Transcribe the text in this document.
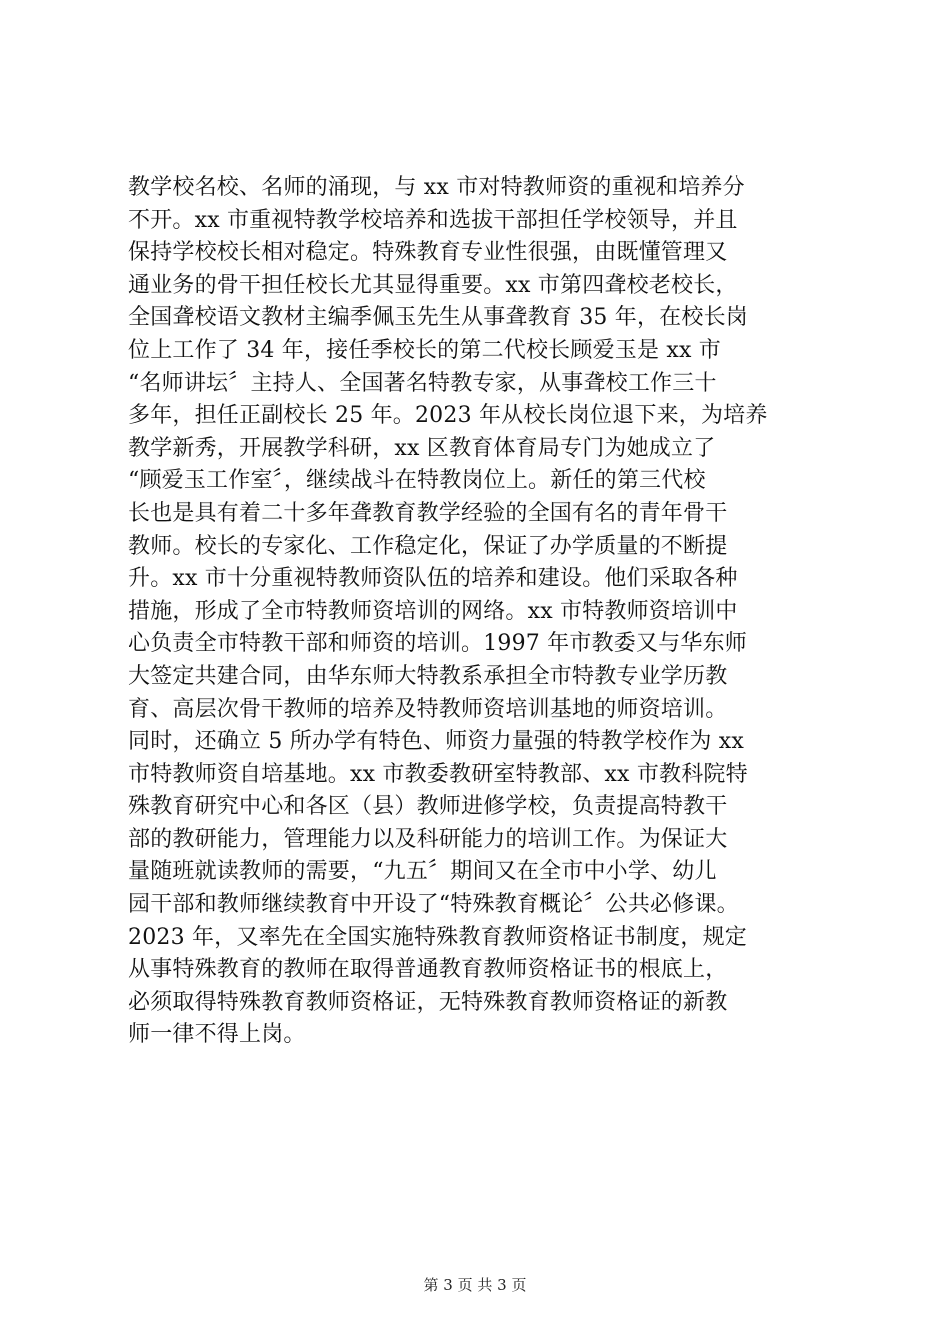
教学校名校、名师的涌现，与 xx 市对特教师资的重视和培养分
不开。xx 市重视特教学校培养和选拔干部担任学校领导，并且
保持学校校长相对稳定。特殊教育专业性很强，由既懂管理又
通业务的骨干担任校长尤其显得重要。xx 市第四聋校老校长，
全国聋校语文教材主编季佩玉先生从事聋教育 35 年，在校长岗
位上工作了 34 年，接任季校长的第二代校长顾爱玉是 xx 市
“名师讲坛〞主持人、全国著名特教专家，从事聋校工作三十
多年，担任正副校长 25 年。2023 年从校长岗位退下来，为培养
教学新秀，开展教学科研，xx 区教育体育局专门为她成立了
“顾爱玉工作室〞，继续战斗在特教岗位上。新任的第三代校
长也是具有着二十多年聋教育教学经验的全国有名的青年骨干
教师。校长的专家化、工作稳定化，保证了办学质量的不断提
升。xx 市十分重视特教师资队伍的培养和建设。他们采取各种
措施，形成了全市特教师资培训的网络。xx 市特教师资培训中
心负责全市特教干部和师资的培训。1997 年市教委又与华东师
大签定共建合同，由华东师大特教系承担全市特教专业学历教
育、高层次骨干教师的培养及特教师资培训基地的师资培训。
同时，还确立 5 所办学有特色、师资力量强的特教学校作为 xx
市特教师资自培基地。xx 市教委教研室特教部、xx 市教科院特
殊教育研究中心和各区（县）教师进修学校，负责提高特教干
部的教研能力，管理能力以及科研能力的培训工作。为保证大
量随班就读教师的需要，“九五〞期间又在全市中小学、幼儿
园干部和教师继续教育中开设了“特殊教育概论〞公共必修课。
2023 年，又率先在全国实施特殊教育教师资格证书制度，规定
从事特殊教育的教师在取得普通教育教师资格证书的根底上，
必须取得特殊教育教师资格证，无特殊教育教师资格证的新教
师一律不得上岗。
第 3 页 共 3 页
